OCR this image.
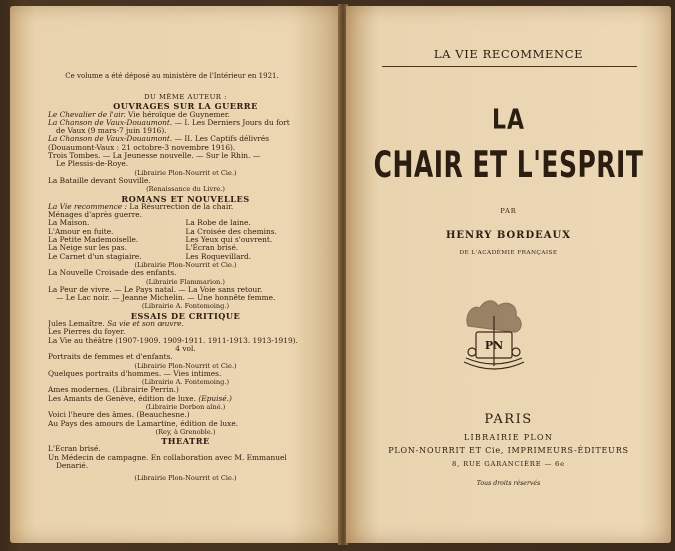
Ce volume a été déposé au ministère de l'Intérieur en 1921.
DU MÊME AUTEUR :
OUVRAGES SUR LA GUERRE
Le Chevalier de l'air. Vie héroïque de Guynemer.
La Chanson de Vaux-Douaumont. — I. Les Derniers Jours du fort
de Vaux (9 mars-7 juin 1916).
La Chanson de Vaux-Douaumont. — II. Les Captifs délivrés
(Douaumont-Vaux : 21 octobre-3 novembre 1916).
Trois Tombes. — La Jeunesse nouvelle. — Sur le Rhin. —
Le Plessis-de-Roye.
(Librairie Plon-Nourrit et Cie.)
La Bataille devant Souville.
(Renaissance du Livre.)
ROMANS ET NOUVELLES
La Vie recommence : La Résurrection de la chair.
Ménages d'après guerre.
La Maison.	La Robe de laine.
L'Amour en fuite.	La Croisée des chemins.
La Petite Mademoiselle.	Les Yeux qui s'ouvrent.
La Neige sur les pas.	L'Écran brisé.
Le Carnet d'un stagiaire.	Les Roquevillard.
(Librairie Plon-Nourrit et Cie.)
La Nouvelle Croisade des enfants.
(Librairie Flammarion.)
La Peur de vivre. — Le Pays natal. — La Voie sans retour.
— Le Lac noir. — Jeanne Michelin. — Une honnête femme.
(Librairie A. Fontemoing.)
ESSAIS DE CRITIQUE
Jules Lemaître. Sa vie et son œuvre.
Les Pierres du foyer.
La Vie au théâtre (1907-1909. 1909-1911. 1911-1913. 1913-1919).
4 vol.
Portraits de femmes et d'enfants.
(Librairie Plon-Nourrit et Cie.)
Quelques portraits d'hommes. — Vies intimes.
(Librairie A. Fontemoing.)
Ames modernes. (Librairie Perrin.)
Les Amants de Genève, édition de luxe. (Épuisé.)
(Librairie Dorbon aîné.)
Voici l'heure des âmes. (Beauchesne.)
Au Pays des amours de Lamartine, édition de luxe.
(Rey, à Grenoble.)
THEATRE
L'Écran brisé.
Un Médecin de campagne. En collaboration avec M. Emmanuel
Denarié.
(Librairie Plon-Nourrit et Cie.)
LA VIE RECOMMENCE
LA
CHAIR ET L'ESPRIT
PAR
HENRY BORDEAUX
DE L'ACADÉMIE FRANÇAISE
PN
PARIS
LIBRAIRIE PLON
PLON-NOURRIT ET Cie, IMPRIMEURS-ÉDITEURS
8, RUE GARANCIÈRE — 6e
Tous droits réservés
